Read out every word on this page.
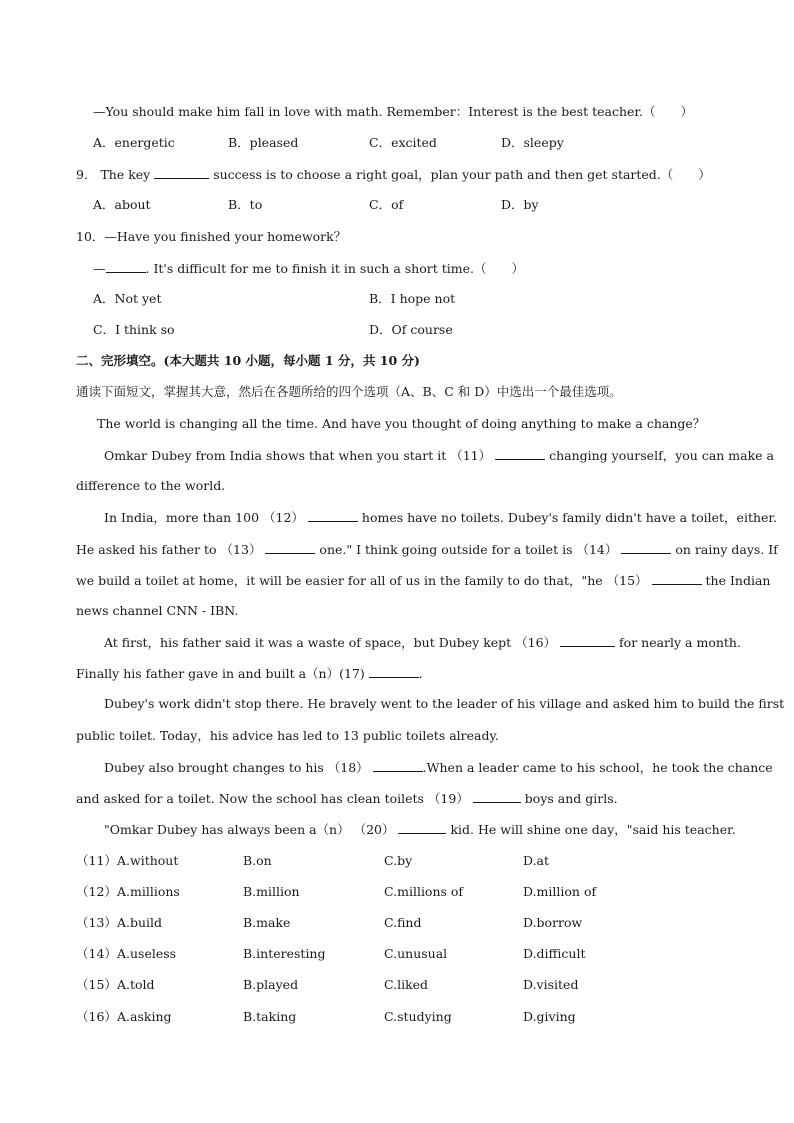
—You should make him fall in love with math. Remember：Interest is the best teacher.（　　）
A．energetic	B．pleased	C．excited	D．sleepy
9． The key	success is to choose a right goal，plan your path and then get started.（　　）
A．about	B．to	C．of	D．by
10．—Have you finished your homework？
—	. It's difficult for me to finish it in such a short time.（　　）
A．Not yet	B．I hope not
C．I think so	D．Of course
二、完形填空。(本大题共 10 小题，每小题 1 分，共 10 分)
通读下面短文，掌握其大意，然后在各题所给的四个选项（A、B、C 和 D）中选出一个最佳选项。
The world is changing all the time. And have you thought of doing anything to make a change？
Omkar Dubey from India shows that when you start it （11）	changing yourself，you can make a
difference to the world.
In India，more than 100 （12）	homes have no toilets. Dubey's family didn't have a toilet，either.
He asked his father to （13）	one." I think going outside for a toilet is （14）	on rainy days. If
we build a toilet at home，it will be easier for all of us in the family to do that，"he （15）	the Indian
news channel CNN - IBN.
At first，his father said it was a waste of space，but Dubey kept （16）	for nearly a month.
Finally his father gave in and built a（n）(17)	.
Dubey's work didn't stop there. He bravely went to the leader of his village and asked him to build the first
public toilet. Today，his advice has led to 13 public toilets already.
Dubey also brought changes to his （18）	.When a leader came to his school，he took the chance
and asked for a toilet. Now the school has clean toilets （19）	boys and girls.
"Omkar Dubey has always been a（n） （20）	kid. He will shine one day，"said his teacher.
（11） A.without	B.on	C.by	D.at
（12） A.millions	B.million	C.millions of	D.million of
（13） A.build	B.make	C.find	D.borrow
（14） A.useless	B.interesting	C.unusual	D.difficult
（15） A.told	B.played	C.liked	D.visited
（16） A.asking	B.taking	C.studying	D.giving
